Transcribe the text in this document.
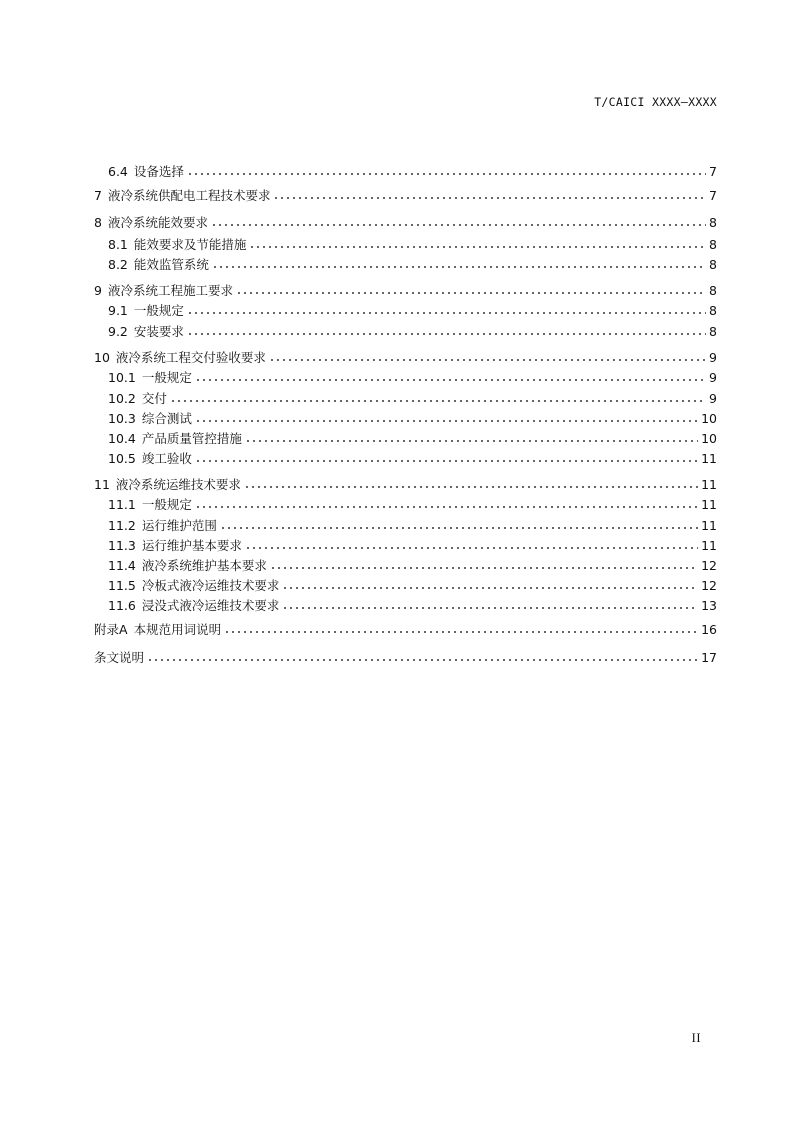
T/CAICI XXXX—XXXX
6.4 设备选择	7
7 液冷系统供配电工程技术要求	7
8 液冷系统能效要求	8
8.1 能效要求及节能措施	8
8.2 能效监管系统	8
9 液冷系统工程施工要求	8
9.1 一般规定	8
9.2 安装要求	8
10 液冷系统工程交付验收要求	9
10.1 一般规定	9
10.2 交付	9
10.3 综合测试	10
10.4 产品质量管控措施	10
10.5 竣工验收	11
11 液冷系统运维技术要求	11
11.1 一般规定	11
11.2 运行维护范围	11
11.3 运行维护基本要求	11
11.4 液冷系统维护基本要求	12
11.5 冷板式液冷运维技术要求	12
11.6 浸没式液冷运维技术要求	13
附录A 本规范用词说明	16
条文说明	17
II
